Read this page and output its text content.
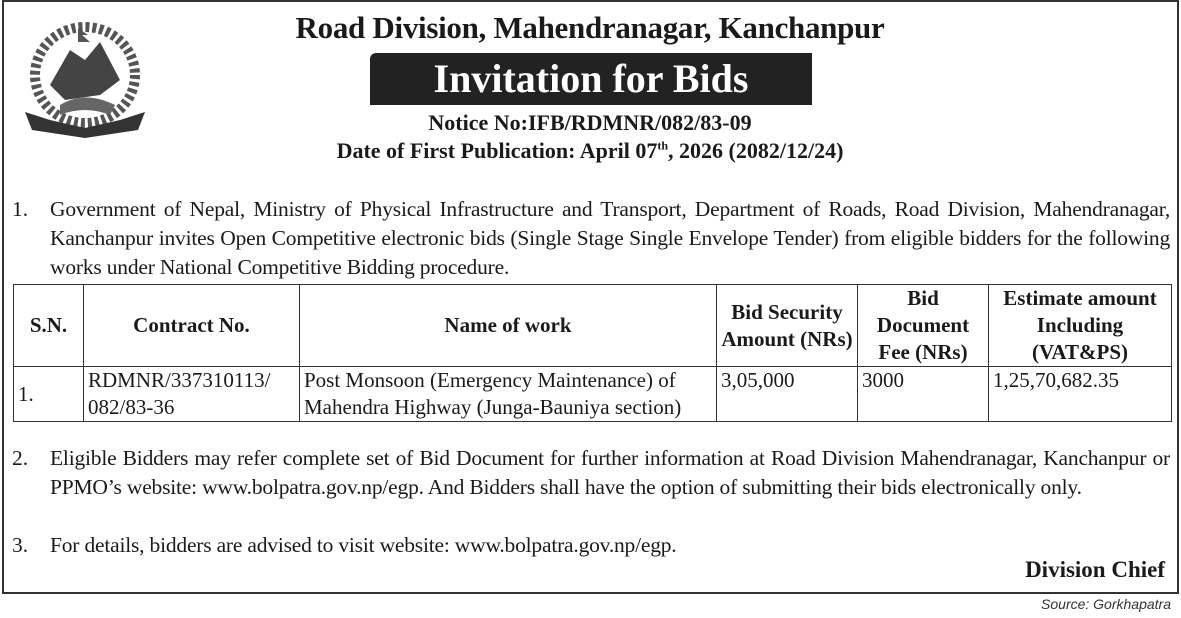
Road Division, Mahendranagar, Kanchanpur
Invitation for Bids
Notice No:IFB/RDMNR/082/83-09
Date of First Publication: April 07th, 2026 (2082/12/24)
1. Government of Nepal, Ministry of Physical Infrastructure and Transport, Department of Roads, Road Division, Mahendranagar, Kanchanpur invites Open Competitive electronic bids (Single Stage Single Envelope Tender) from eligible bidders for the following works under National Competitive Bidding procedure.
S.N.	Contract No.	Name of work	Bid Security Amount (NRs)	Bid Document Fee (NRs)	Estimate amount Including (VAT&PS)
1.	RDMNR/337310113/ 082/83-36	Post Monsoon (Emergency Maintenance) of Mahendra Highway (Junga-Bauniya section)	3,05,000	3000	1,25,70,682.35
2. Eligible Bidders may refer complete set of Bid Document for further information at Road Division Mahendranagar, Kanchanpur or PPMO’s website: www.bolpatra.gov.np/egp. And Bidders shall have the option of submitting their bids electronically only.
3. For details, bidders are advised to visit website: www.bolpatra.gov.np/egp.
Division Chief
Source: Gorkhapatra
